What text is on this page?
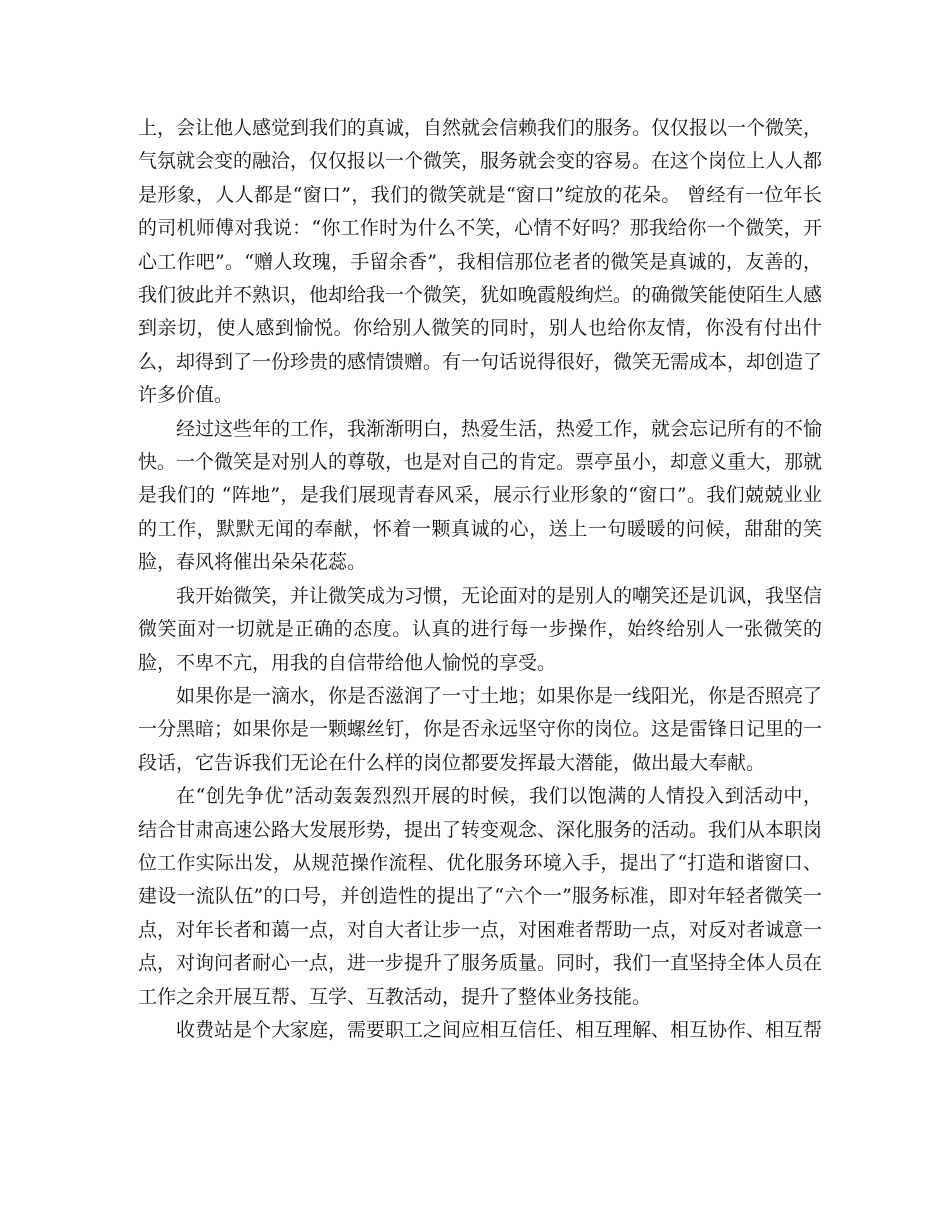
上，会让他人感觉到我们的真诚，自然就会信赖我们的服务。仅仅报以一个微笑，气氛就会变的融洽，仅仅报以一个微笑，服务就会变的容易。在这个岗位上人人都是形象，人人都是“窗口”，我们的微笑就是“窗口”绽放的花朵。 曾经有一位年长的司机师傅对我说：“你工作时为什么不笑，心情不好吗？那我给你一个微笑，开心工作吧”。“赠人玫瑰，手留余香”，我相信那位老者的微笑是真诚的，友善的，我们彼此并不熟识，他却给我一个微笑，犹如晚霞般绚烂。的确微笑能使陌生人感到亲切，使人感到愉悦。你给别人微笑的同时，别人也给你友情，你没有付出什么，却得到了一份珍贵的感情馈赠。有一句话说得很好，微笑无需成本，却创造了许多价值。

经过这些年的工作，我渐渐明白，热爱生活，热爱工作，就会忘记所有的不愉快。一个微笑是对别人的尊敬，也是对自己的肯定。票亭虽小，却意义重大，那就是我们的 “阵地”，是我们展现青春风采，展示行业形象的“窗口”。我们兢兢业业的工作，默默无闻的奉献，怀着一颗真诚的心，送上一句暖暖的问候，甜甜的笑脸，春风将催出朵朵花蕊。

我开始微笑，并让微笑成为习惯，无论面对的是别人的嘲笑还是讥讽，我坚信微笑面对一切就是正确的态度。认真的进行每一步操作，始终给别人一张微笑的脸，不卑不亢，用我的自信带给他人愉悦的享受。

如果你是一滴水，你是否滋润了一寸土地；如果你是一线阳光，你是否照亮了一分黑暗；如果你是一颗螺丝钉，你是否永远坚守你的岗位。这是雷锋日记里的一段话，它告诉我们无论在什么样的岗位都要发挥最大潜能，做出最大奉献。

在“创先争优”活动轰轰烈烈开展的时候，我们以饱满的人情投入到活动中，结合甘肃高速公路大发展形势，提出了转变观念、深化服务的活动。我们从本职岗位工作实际出发，从规范操作流程、优化服务环境入手，提出了“打造和谐窗口、建设一流队伍”的口号，并创造性的提出了“六个一”服务标准，即对年轻者微笑一点，对年长者和蔼一点，对自大者让步一点，对困难者帮助一点，对反对者诚意一点，对询问者耐心一点，进一步提升了服务质量。同时，我们一直坚持全体人员在工作之余开展互帮、互学、互教活动，提升了整体业务技能。

收费站是个大家庭，需要职工之间应相互信任、相互理解、相互协作、相互帮
